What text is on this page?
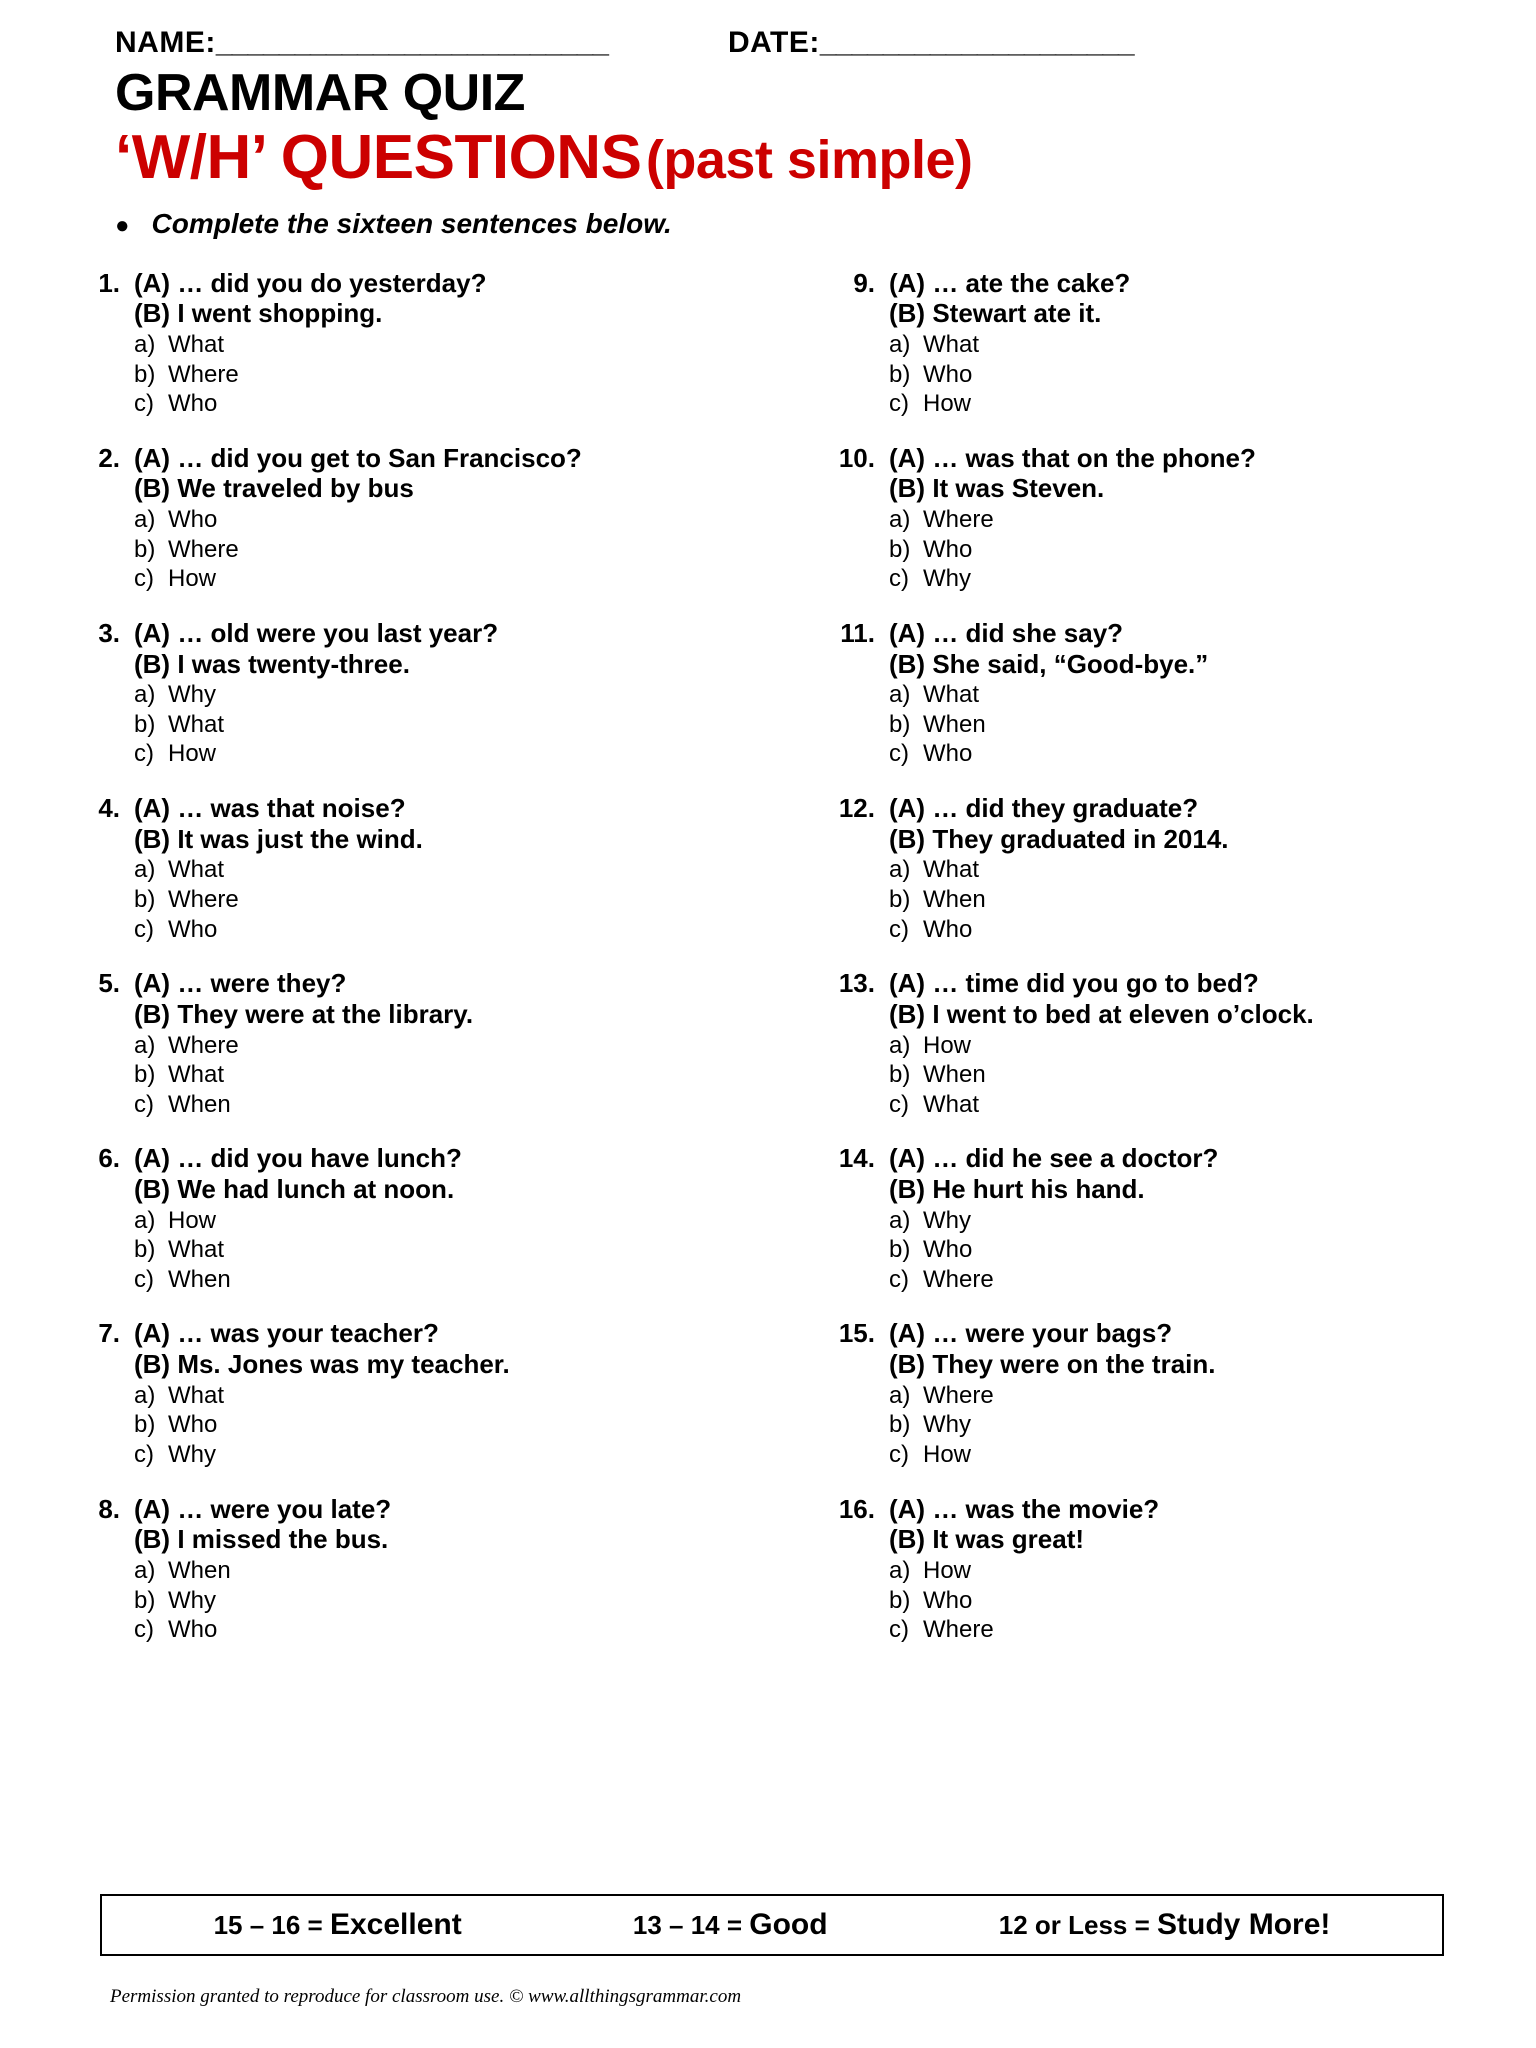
NAME: _________________________	DATE: ____________________
GRAMMAR QUIZ
‘W/H’ QUESTIONS (past simple)
● Complete the sixteen sentences below.
1. (A) … did you do yesterday?
(B) I went shopping.
a) What
b) Where
c) Who
2. (A) … did you get to San Francisco?
(B) We traveled by bus
a) Who
b) Where
c) How
3. (A) … old were you last year?
(B) I was twenty-three.
a) Why
b) What
c) How
4. (A) … was that noise?
(B) It was just the wind.
a) What
b) Where
c) Who
5. (A) … were they?
(B) They were at the library.
a) Where
b) What
c) When
6. (A) … did you have lunch?
(B) We had lunch at noon.
a) How
b) What
c) When
7. (A) … was your teacher?
(B) Ms. Jones was my teacher.
a) What
b) Who
c) Why
8. (A) … were you late?
(B) I missed the bus.
a) When
b) Why
c) Who
9. (A) … ate the cake?
(B) Stewart ate it.
a) What
b) Who
c) How
10. (A) … was that on the phone?
(B) It was Steven.
a) Where
b) Who
c) Why
11. (A) … did she say?
(B) She said, “Good-bye.”
a) What
b) When
c) Who
12. (A) … did they graduate?
(B) They graduated in 2014.
a) What
b) When
c) Who
13. (A) … time did you go to bed?
(B) I went to bed at eleven o’clock.
a) How
b) When
c) What
14. (A) … did he see a doctor?
(B) He hurt his hand.
a) Why
b) Who
c) Where
15. (A) … were your bags?
(B) They were on the train.
a) Where
b) Why
c) How
16. (A) … was the movie?
(B) It was great!
a) How
b) Who
c) Where
15 – 16 = Excellent	13 – 14 = Good	12 or Less = Study More!
Permission granted to reproduce for classroom use. © www.allthingsgrammar.com
